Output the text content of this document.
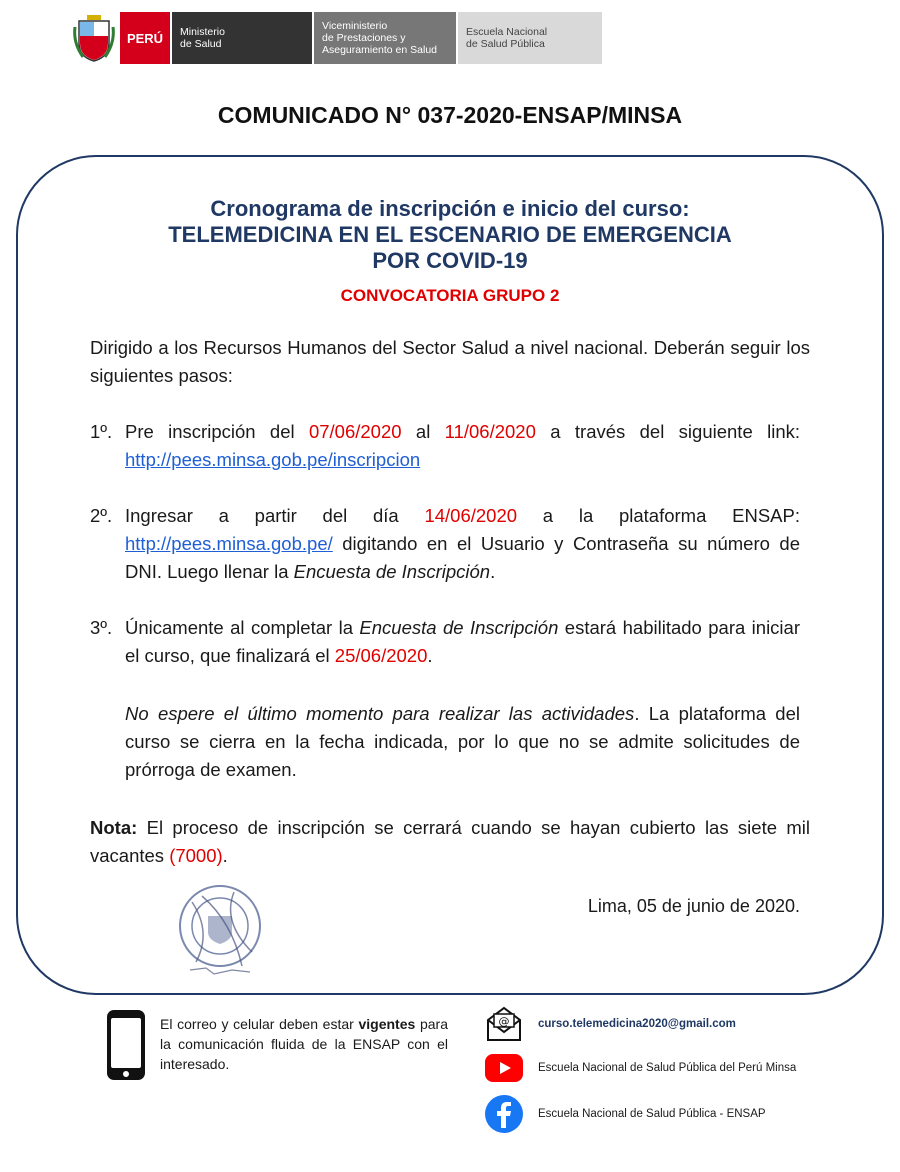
PERÚ	Ministerio
de Salud
Viceministerio
de Prestaciones y
Aseguramiento en Salud
Escuela Nacional
de Salud Pública
COMUNICADO N° 037-2020-ENSAP/MINSA
Cronograma de inscripción e inicio del curso:
TELEMEDICINA EN EL ESCENARIO DE EMERGENCIA
POR COVID-19
CONVOCATORIA GRUPO 2

Dirigido a los Recursos Humanos del Sector Salud a nivel nacional. Deberán seguir los siguientes pasos:

1º. Pre inscripción del 07/06/2020 al 11/06/2020 a través del siguiente link: http://pees.minsa.gob.pe/inscripcion

2º. Ingresar a partir del día 14/06/2020 a la plataforma ENSAP: http://pees.minsa.gob.pe/ digitando en el Usuario y Contraseña su número de DNI. Luego llenar la Encuesta de Inscripción.

3º. Únicamente al completar la Encuesta de Inscripción estará habilitado para iniciar el curso, que finalizará el 25/06/2020.

No espere el último momento para realizar las actividades. La plataforma del curso se cierra en la fecha indicada, por lo que no se admite solicitudes de prórroga de examen.

Nota: El proceso de inscripción se cerrará cuando se hayan cubierto las siete mil vacantes (7000).

Lima, 05 de junio de 2020.

El correo y celular deben estar vigentes para la comunicación fluida de la ENSAP con el interesado.

@ curso.telemedicina2020@gmail.com
Escuela Nacional de Salud Pública del Perú Minsa
Escuela Nacional de Salud Pública - ENSAP
